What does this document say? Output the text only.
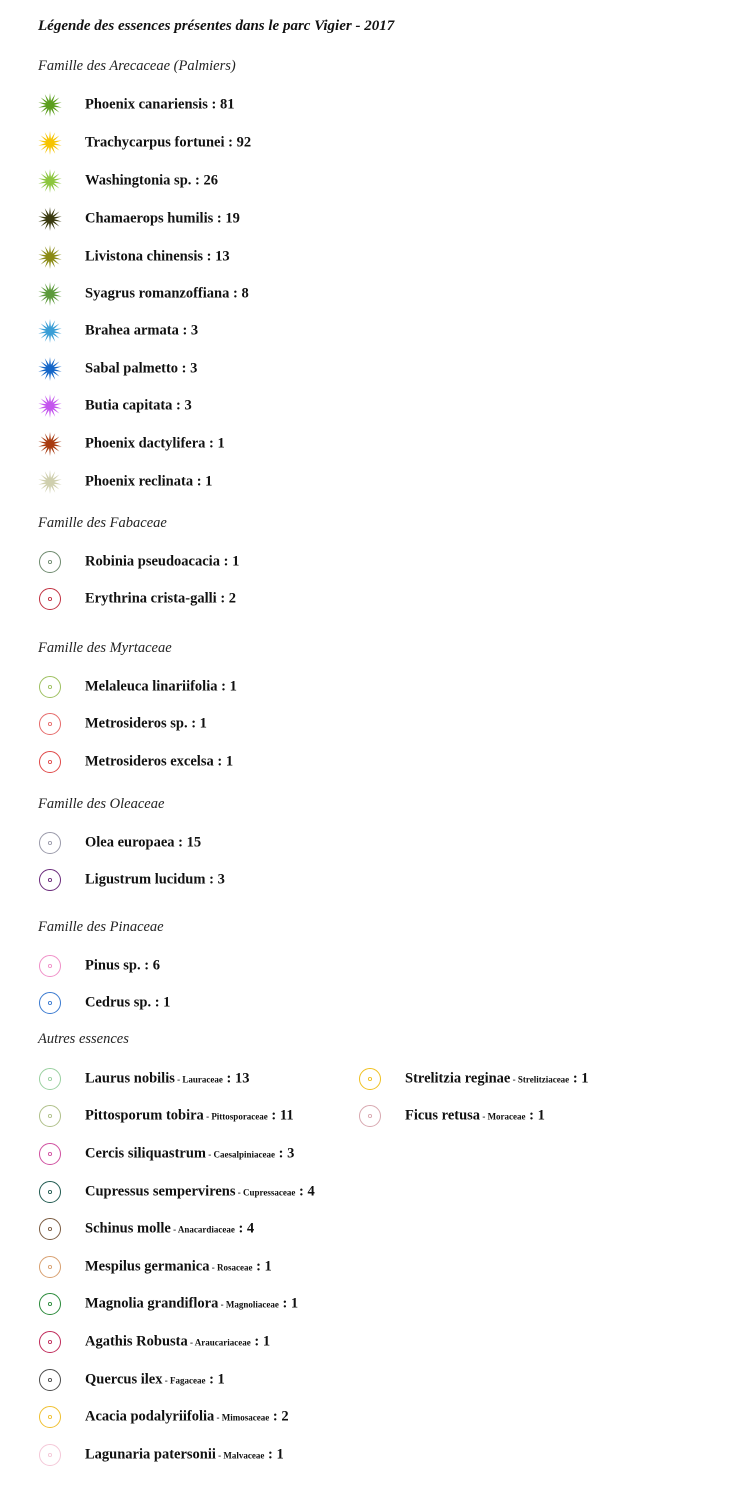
Légende des essences présentes dans le parc Vigier - 2017
Famille des Arecaceae (Palmiers)
Phoenix canariensis : 81
Trachycarpus fortunei : 92
Washingtonia sp. : 26
Chamaerops humilis : 19
Livistona chinensis : 13
Syagrus romanzoffiana : 8
Brahea armata : 3
Sabal palmetto : 3
Butia capitata : 3
Phoenix dactylifera : 1
Phoenix reclinata : 1
Famille des Fabaceae
Robinia pseudoacacia : 1
Erythrina crista-galli : 2
Famille des Myrtaceae
Melaleuca linariifolia : 1
Metrosideros sp. : 1
Metrosideros excelsa : 1
Famille des Oleaceae
Olea europaea : 15
Ligustrum lucidum : 3
Famille des Pinaceae
Pinus sp. : 6
Cedrus sp. : 1
Autres essences
Laurus nobilis - Lauraceae : 13
Pittosporum tobira - Pittosporaceae : 11
Cercis siliquastrum - Caesalpiniaceae : 3
Cupressus sempervirens - Cupressaceae : 4
Schinus molle - Anacardiaceae : 4
Mespilus germanica - Rosaceae : 1
Magnolia grandiflora - Magnoliaceae : 1
Agathis Robusta - Araucariaceae : 1
Quercus ilex - Fagaceae : 1
Acacia podalyriifolia - Mimosaceae : 2
Lagunaria patersonii - Malvaceae : 1
Strelitzia reginae - Strelitziaceae : 1
Ficus retusa - Moraceae : 1
